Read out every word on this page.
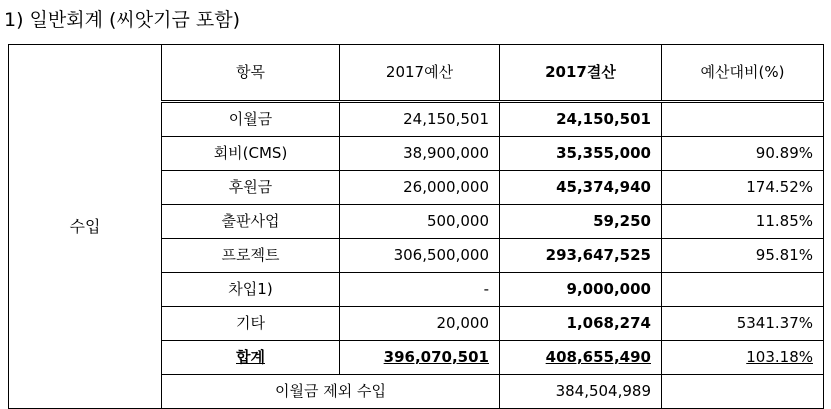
1) 일반회계 (씨앗기금 포함)
수입	항목	2017예산	2017결산	예산대비(%)
	이월금	24,150,501	24,150,501	
	회비(CMS)	38,900,000	35,355,000	90.89%
	후원금	26,000,000	45,374,940	174.52%
	출판사업	500,000	59,250	11.85%
	프로젝트	306,500,000	293,647,525	95.81%
	차입1)	-	9,000,000	
	기타	20,000	1,068,274	5341.37%
	합계	396,070,501	408,655,490	103.18%
	이월금 제외 수입		384,504,989	
